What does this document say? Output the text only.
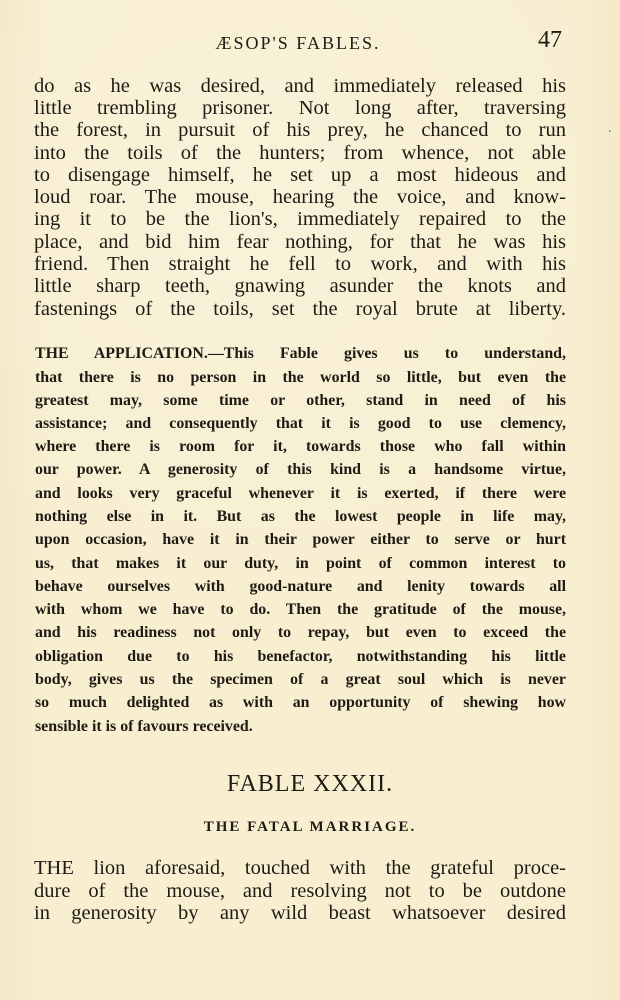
ÆSOP'S FABLES.	47
·
do as he was desired, and immediately released his
little trembling prisoner. Not long after, traversing
the forest, in pursuit of his prey, he chanced to run
into the toils of the hunters; from whence, not able
to disengage himself, he set up a most hideous and
loud roar. The mouse, hearing the voice, and know-
ing it to be the lion's, immediately repaired to the
place, and bid him fear nothing, for that he was his
friend. Then straight he fell to work, and with his
little sharp teeth, gnawing asunder the knots and
fastenings of the toils, set the royal brute at liberty.
THE APPLICATION.—This Fable gives us to understand,
that there is no person in the world so little, but even the
greatest may, some time or other, stand in need of his
assistance; and consequently that it is good to use clemency,
where there is room for it, towards those who fall within
our power. A generosity of this kind is a handsome virtue,
and looks very graceful whenever it is exerted, if there were
nothing else in it. But as the lowest people in life may,
upon occasion, have it in their power either to serve or hurt
us, that makes it our duty, in point of common interest to
behave ourselves with good-nature and lenity towards all
with whom we have to do. Then the gratitude of the mouse,
and his readiness not only to repay, but even to exceed the
obligation due to his benefactor, notwithstanding his little
body, gives us the specimen of a great soul which is never
so much delighted as with an opportunity of shewing how
sensible it is of favours received.
FABLE XXXII.
THE FATAL MARRIAGE.
THE lion aforesaid, touched with the grateful proce-
dure of the mouse, and resolving not to be outdone
in generosity by any wild beast whatsoever desired
